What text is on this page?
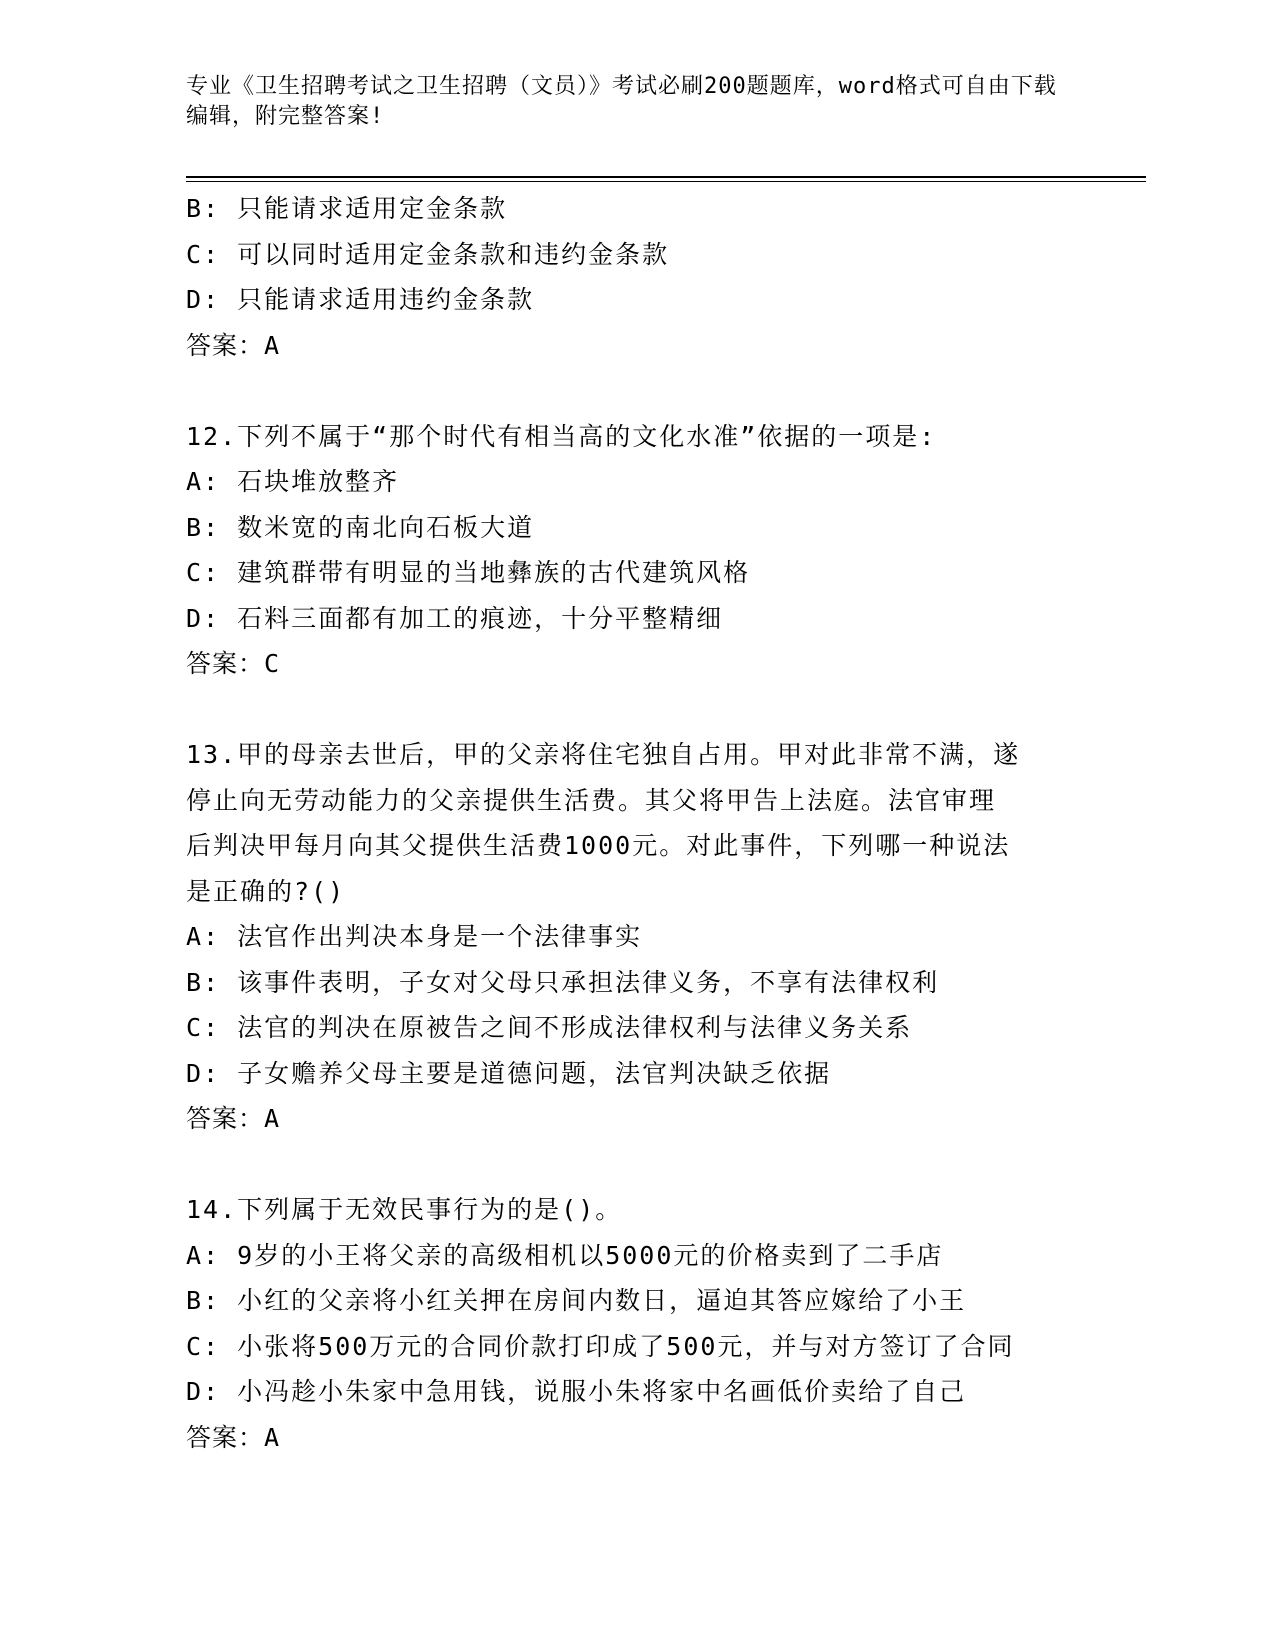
专业《卫生招聘考试之卫生招聘（文员）》考试必刷200题题库，word格式可自由下载编辑，附完整答案!
B: 只能请求适用定金条款
C: 可以同时适用定金条款和违约金条款
D: 只能请求适用违约金条款
答案：A
12.下列不属于“那个时代有相当高的文化水准”依据的一项是:
A: 石块堆放整齐
B: 数米宽的南北向石板大道
C: 建筑群带有明显的当地彝族的古代建筑风格
D: 石料三面都有加工的痕迹，十分平整精细
答案：C
13.甲的母亲去世后，甲的父亲将住宅独自占用。甲对此非常不满，遂
停止向无劳动能力的父亲提供生活费。其父将甲告上法庭。法官审理
后判决甲每月向其父提供生活费1000元。对此事件，下列哪一种说法
是正确的?()
A: 法官作出判决本身是一个法律事实
B: 该事件表明，子女对父母只承担法律义务，不享有法律权利
C: 法官的判决在原被告之间不形成法律权利与法律义务关系
D: 子女赡养父母主要是道德问题，法官判决缺乏依据
答案：A
14.下列属于无效民事行为的是()。
A: 9岁的小王将父亲的高级相机以5000元的价格卖到了二手店
B: 小红的父亲将小红关押在房间内数日，逼迫其答应嫁给了小王
C: 小张将500万元的合同价款打印成了500元，并与对方签订了合同
D: 小冯趁小朱家中急用钱，说服小朱将家中名画低价卖给了自己
答案：A
